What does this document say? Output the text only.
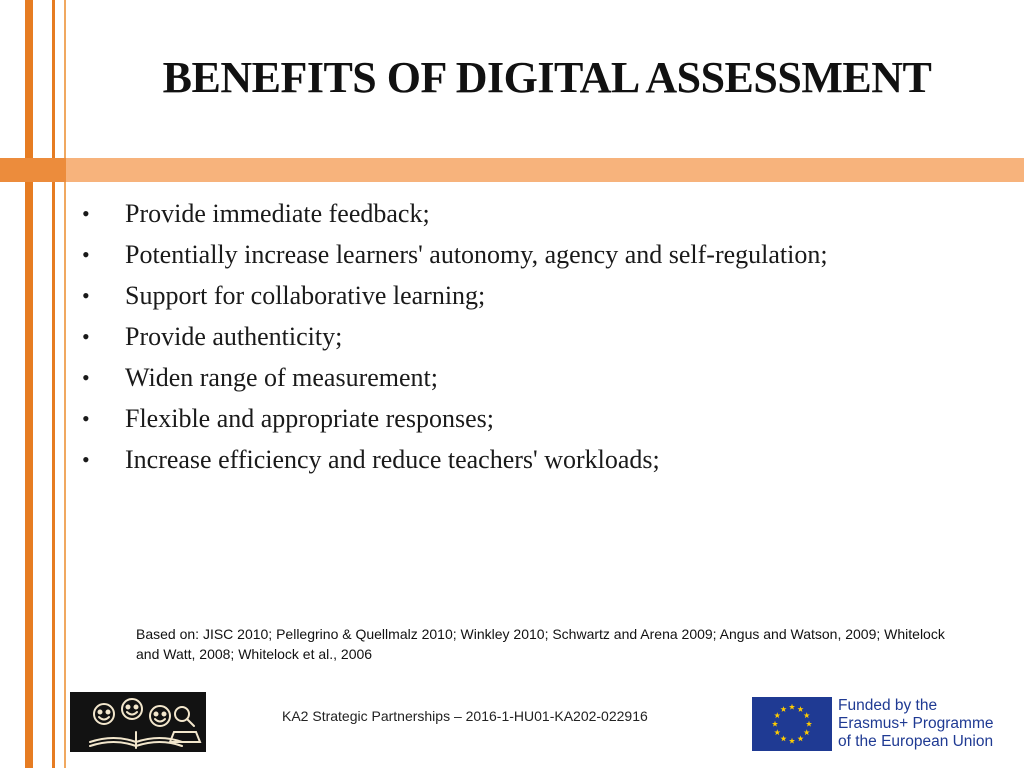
BENEFITS OF DIGITAL ASSESSMENT
•	Provide immediate feedback;
•	Potentially increase learners' autonomy, agency and self-regulation;
•	Support for collaborative learning;
•	Provide authenticity;
•	Widen range of measurement;
•	Flexible and appropriate responses;
•	Increase efficiency and reduce teachers' workloads;
Based on: JISC 2010; Pellegrino & Quellmalz 2010; Winkley 2010; Schwartz and Arena 2009; Angus and Watson, 2009; Whitelock and Watt, 2008; Whitelock et al., 2006
KA2 Strategic Partnerships – 2016-1-HU01-KA202-022916
Funded by the
Erasmus+ Programme
of the European Union
